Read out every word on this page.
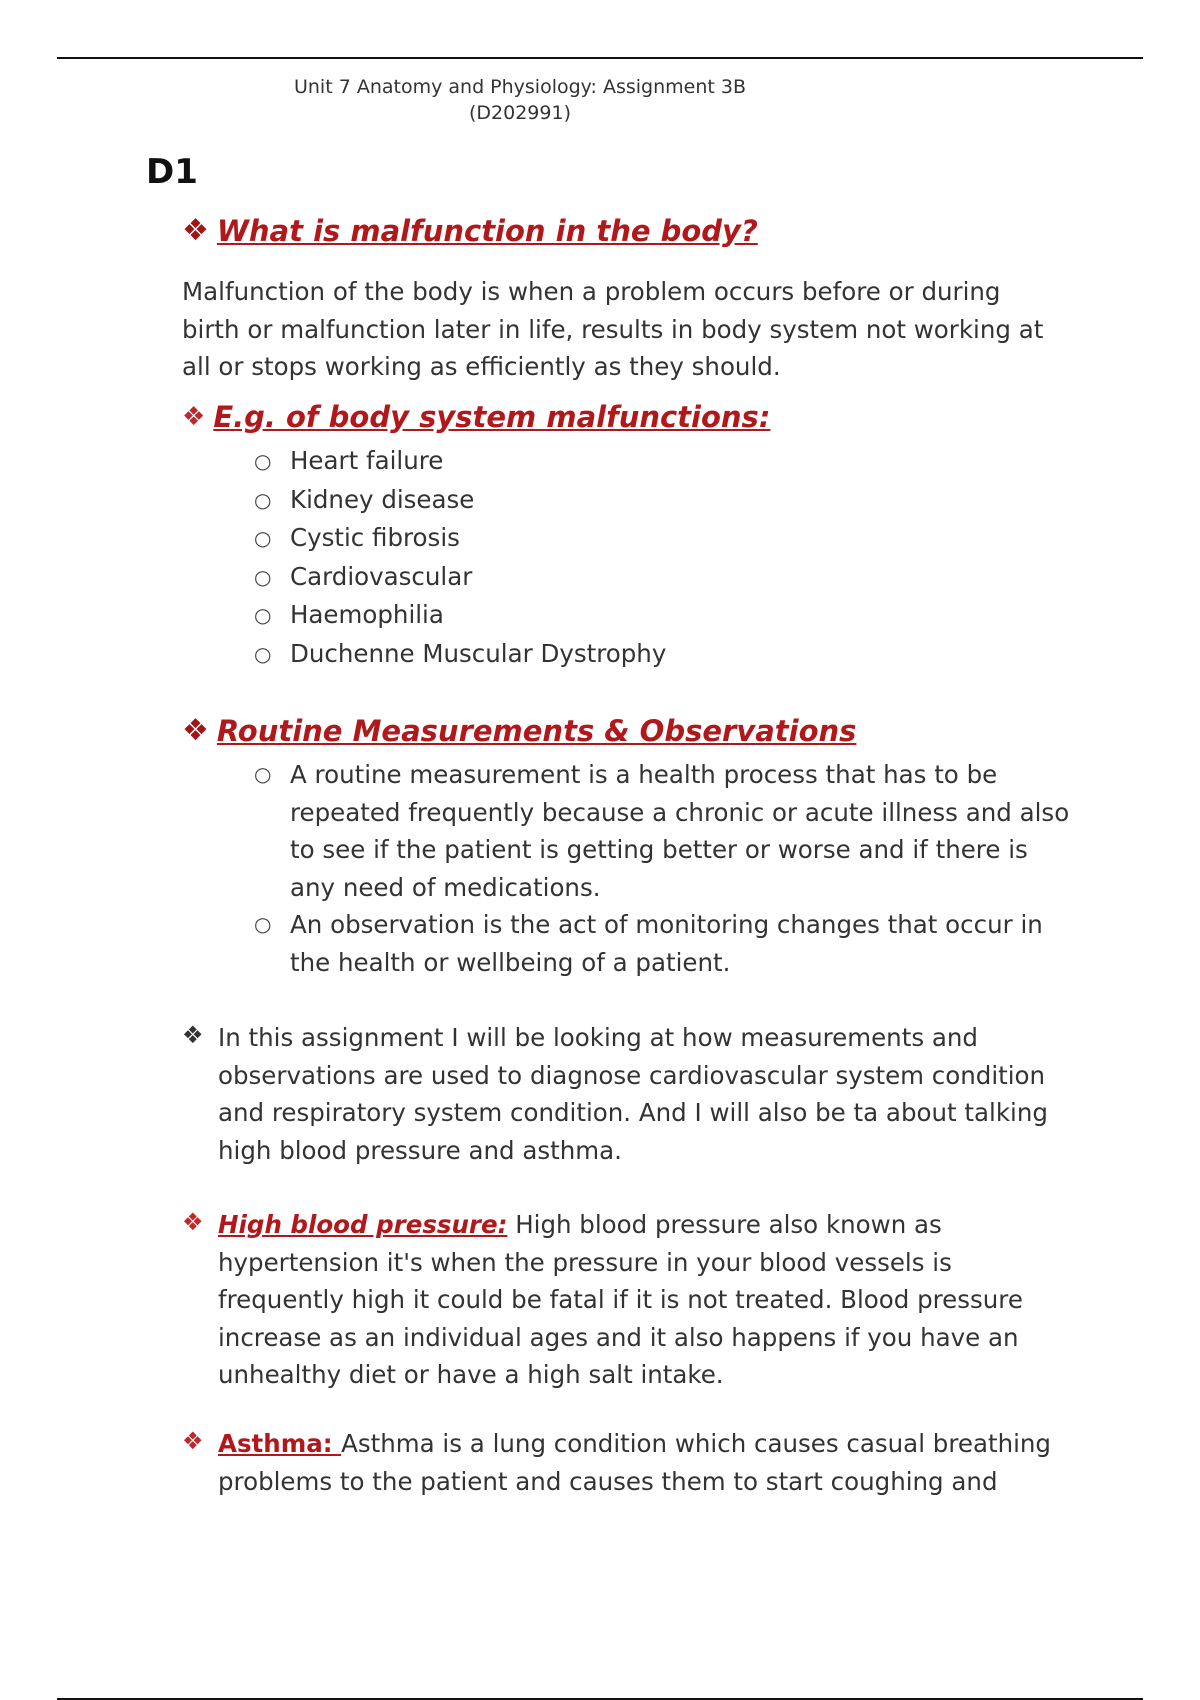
Unit 7 Anatomy and Physiology: Assignment 3B
(D202991)
D1
❖ What is malfunction in the body?
Malfunction of the body is when a problem occurs before or during birth or malfunction later in life, results in body system not working at all or stops working as efficiently as they should.
❖ E.g. of body system malfunctions:
○ Heart failure
○ Kidney disease
○ Cystic fibrosis
○ Cardiovascular
○ Haemophilia
○ Duchenne Muscular Dystrophy
❖ Routine Measurements & Observations
○ A routine measurement is a health process that has to be repeated frequently because a chronic or acute illness and also to see if the patient is getting better or worse and if there is any need of medications.
○ An observation is the act of monitoring changes that occur in the health or wellbeing of a patient.
❖ In this assignment I will be looking at how measurements and observations are used to diagnose cardiovascular system condition and respiratory system condition. And I will also be ta about talking high blood pressure and asthma.
❖ High blood pressure: High blood pressure also known as hypertension it's when the pressure in your blood vessels is frequently high it could be fatal if it is not treated. Blood pressure increase as an individual ages and it also happens if you have an unhealthy diet or have a high salt intake.
❖ Asthma: Asthma is a lung condition which causes casual breathing problems to the patient and causes them to start coughing and
